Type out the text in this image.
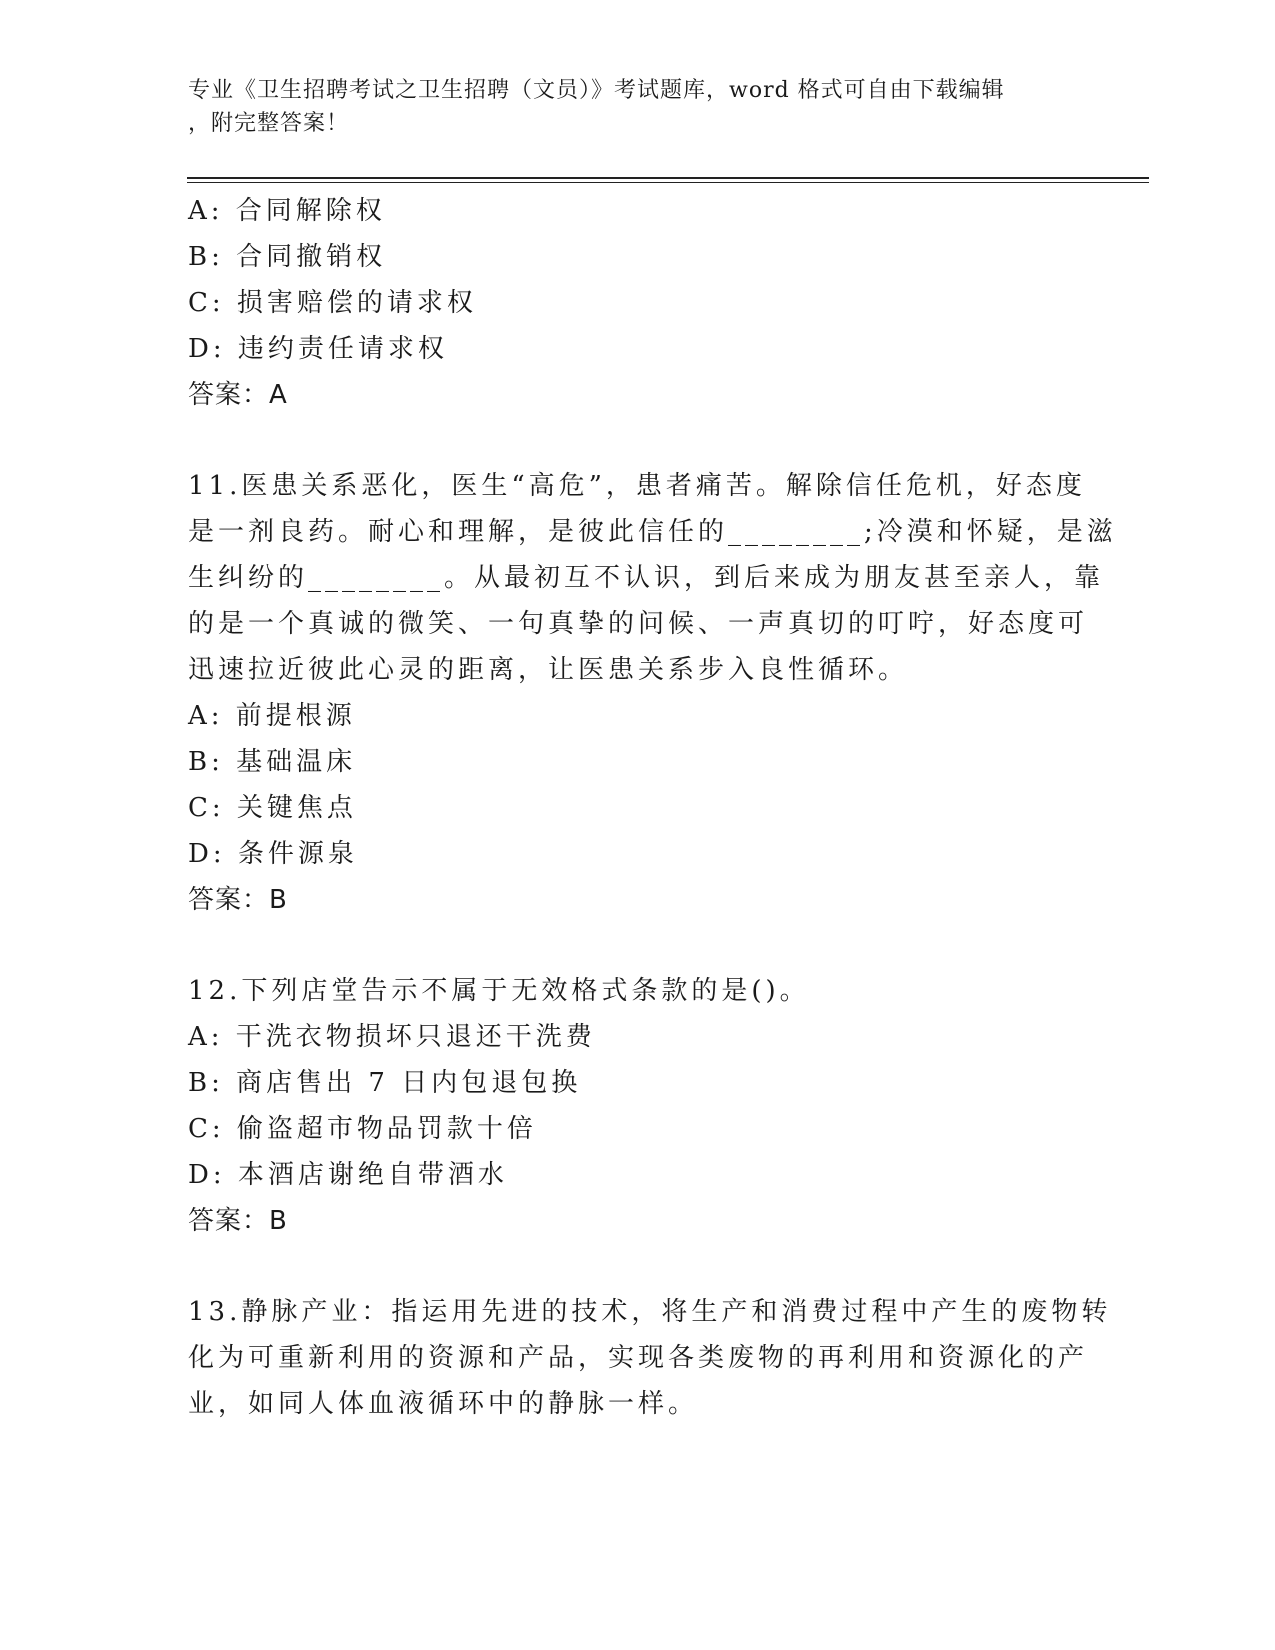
专业《卫生招聘考试之卫生招聘（文员）》考试题库，word 格式可自由下载编辑
，附完整答案！
A: 合同解除权
B: 合同撤销权
C: 损害赔偿的请求权
D: 违约责任请求权
答案：A
11.医患关系恶化，医生“高危”，患者痛苦。解除信任危机，好态度
是一剂良药。耐心和理解，是彼此信任的________;冷漠和怀疑，是滋
生纠纷的________。从最初互不认识，到后来成为朋友甚至亲人，靠
的是一个真诚的微笑、一句真挚的问候、一声真切的叮咛，好态度可
迅速拉近彼此心灵的距离，让医患关系步入良性循环。
A: 前提根源
B: 基础温床
C: 关键焦点
D: 条件源泉
答案：B
12.下列店堂告示不属于无效格式条款的是()。
A: 干洗衣物损坏只退还干洗费
B: 商店售出 7 日内包退包换
C: 偷盗超市物品罚款十倍
D: 本酒店谢绝自带酒水
答案：B
13.静脉产业：指运用先进的技术，将生产和消费过程中产生的废物转
化为可重新利用的资源和产品，实现各类废物的再利用和资源化的产
业，如同人体血液循环中的静脉一样。
